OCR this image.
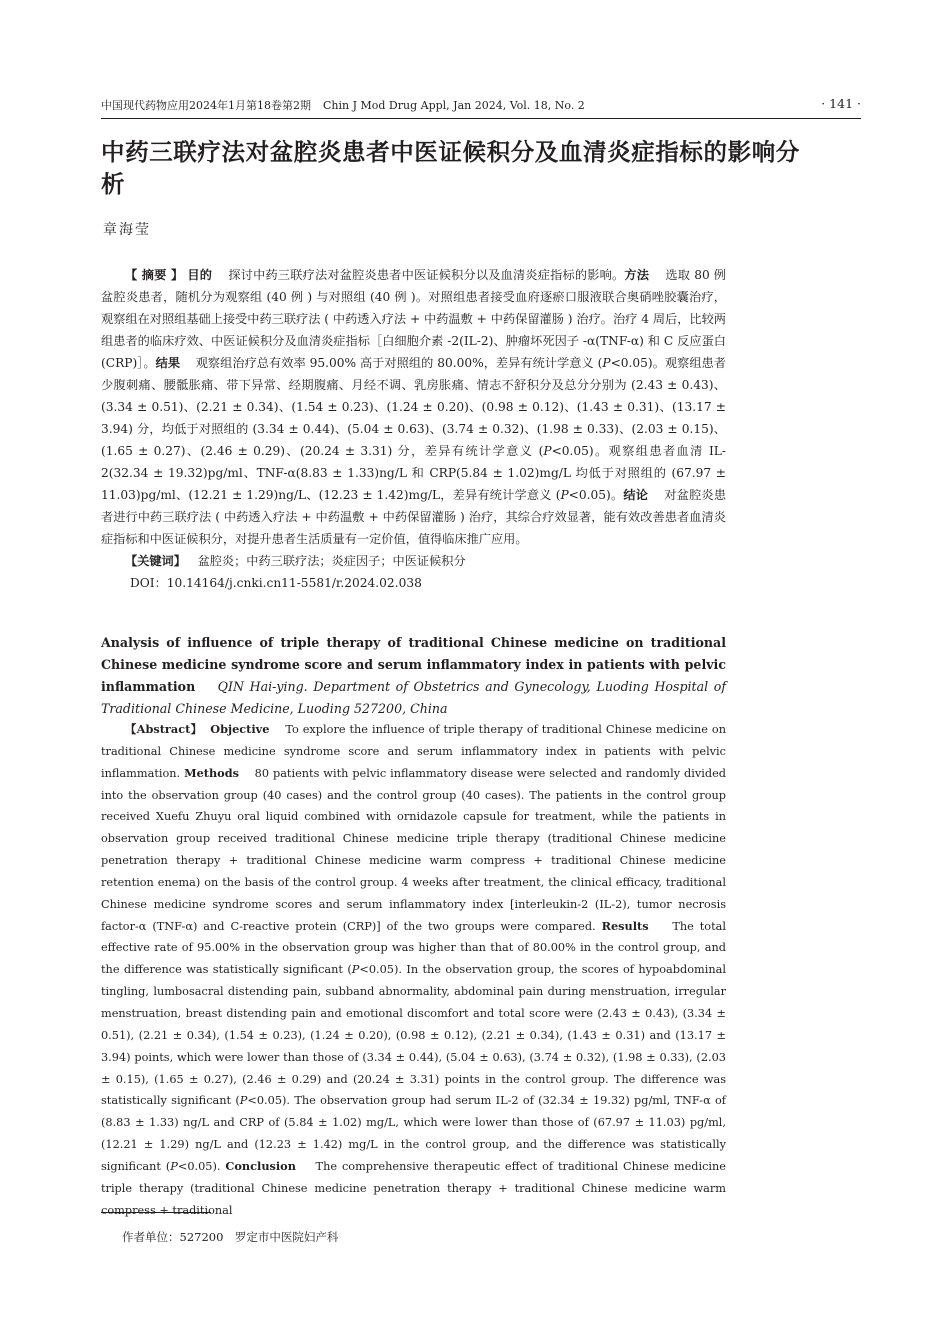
中国现代药物应用2024年1月第18卷第2期 Chin J Mod Drug Appl, Jan 2024, Vol. 18, No. 2	· 141 ·
中药三联疗法对盆腔炎患者中医证候积分及血清炎症指标的影响分析
章海莹

【 摘要 】 目的 探讨中药三联疗法对盆腔炎患者中医证候积分以及血清炎症指标的影响。方法 选取 80 例盆腔炎患者，随机分为观察组 (40 例 ) 与对照组 (40 例 )。对照组患者接受血府逐瘀口服液联合奥硝唑胶囊治疗，观察组在对照组基础上接受中药三联疗法 ( 中药透入疗法 + 中药温敷 + 中药保留灌肠 ) 治疗。治疗 4 周后，比较两组患者的临床疗效、中医证候积分及血清炎症指标［白细胞介素 -2(IL-2)、肿瘤坏死因子 -α(TNF-α) 和 C 反应蛋白 (CRP)］。结果 观察组治疗总有效率 95.00% 高于对照组的 80.00%，差异有统计学意义 (P<0.05)。观察组患者少腹刺痛、腰骶胀痛、带下异常、经期腹痛、月经不调、乳房胀痛、情志不舒积分及总分分别为 (2.43 ± 0.43)、(3.34 ± 0.51)、(2.21 ± 0.34)、(1.54 ± 0.23)、(1.24 ± 0.20)、(0.98 ± 0.12)、(1.43 ± 0.31)、(13.17 ± 3.94) 分，均低于对照组的 (3.34 ± 0.44)、(5.04 ± 0.63)、(3.74 ± 0.32)、(1.98 ± 0.33)、(2.03 ± 0.15)、(1.65 ± 0.27)、(2.46 ± 0.29)、(20.24 ± 3.31) 分，差异有统计学意义 (P<0.05)。观察组患者血清 IL-2(32.34 ± 19.32)pg/ml、TNF-α(8.83 ± 1.33)ng/L 和 CRP(5.84 ± 1.02)mg/L 均低于对照组的 (67.97 ± 11.03)pg/ml、(12.21 ± 1.29)ng/L、(12.23 ± 1.42)mg/L，差异有统计学意义 (P<0.05)。结论 对盆腔炎患者进行中药三联疗法 ( 中药透入疗法 + 中药温敷 + 中药保留灌肠 ) 治疗，其综合疗效显著，能有效改善患者血清炎症指标和中医证候积分，对提升患者生活质量有一定价值，值得临床推广应用。

【关键词】 盆腔炎；中药三联疗法；炎症因子；中医证候积分

DOI：10.14164/j.cnki.cn11-5581/r.2024.02.038

Analysis of influence of triple therapy of traditional Chinese medicine on traditional Chinese medicine syndrome score and serum inflammatory index in patients with pelvic inflammation QIN Hai-ying. Department of Obstetrics and Gynecology, Luoding Hospital of Traditional Chinese Medicine, Luoding 527200, China

【Abstract】 Objective To explore the influence of triple therapy of traditional Chinese medicine on traditional Chinese medicine syndrome score and serum inflammatory index in patients with pelvic inflammation. Methods 80 patients with pelvic inflammatory disease were selected and randomly divided into the observation group (40 cases) and the control group (40 cases). The patients in the control group received Xuefu Zhuyu oral liquid combined with ornidazole capsule for treatment, while the patients in observation group received traditional Chinese medicine triple therapy (traditional Chinese medicine penetration therapy + traditional Chinese medicine warm compress + traditional Chinese medicine retention enema) on the basis of the control group. 4 weeks after treatment, the clinical efficacy, traditional Chinese medicine syndrome scores and serum inflammatory index [interleukin-2 (IL-2), tumor necrosis factor-α (TNF-α) and C-reactive protein (CRP)] of the two groups were compared. Results The total effective rate of 95.00% in the observation group was higher than that of 80.00% in the control group, and the difference was statistically significant (P<0.05). In the observation group, the scores of hypoabdominal tingling, lumbosacral distending pain, subband abnormality, abdominal pain during menstruation, irregular menstruation, breast distending pain and emotional discomfort and total score were (2.43 ± 0.43), (3.34 ± 0.51), (2.21 ± 0.34), (1.54 ± 0.23), (1.24 ± 0.20), (0.98 ± 0.12), (2.21 ± 0.34), (1.43 ± 0.31) and (13.17 ± 3.94) points, which were lower than those of (3.34 ± 0.44), (5.04 ± 0.63), (3.74 ± 0.32), (1.98 ± 0.33), (2.03 ± 0.15), (1.65 ± 0.27), (2.46 ± 0.29) and (20.24 ± 3.31) points in the control group. The difference was statistically significant (P<0.05). The observation group had serum IL-2 of (32.34 ± 19.32) pg/ml, TNF-α of (8.83 ± 1.33) ng/L and CRP of (5.84 ± 1.02) mg/L, which were lower than those of (67.97 ± 11.03) pg/ml, (12.21 ± 1.29) ng/L and (12.23 ± 1.42) mg/L in the control group, and the difference was statistically significant (P<0.05). Conclusion The comprehensive therapeutic effect of traditional Chinese medicine triple therapy (traditional Chinese medicine penetration therapy + traditional Chinese medicine warm compress + traditional

作者单位：527200　罗定市中医院妇产科
